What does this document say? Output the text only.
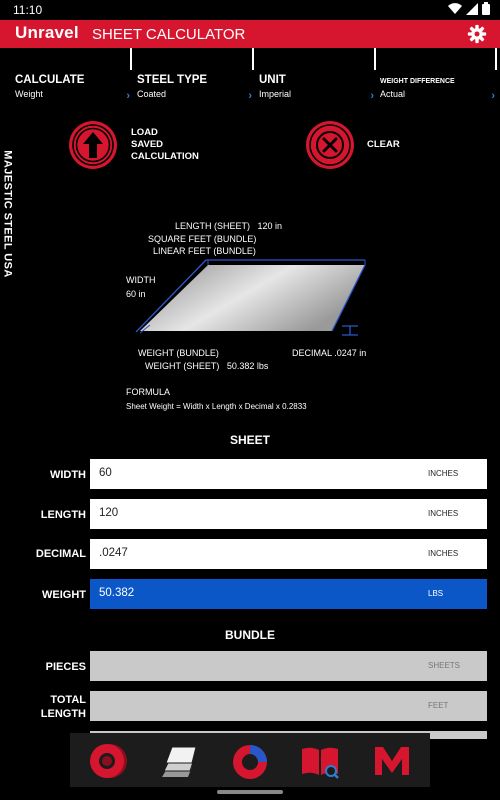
11:10
Unravel SHEET CALCULATOR
CALCULATE
Weight	›
STEEL TYPE
Coated	›
UNIT
Imperial	›
WEIGHT DIFFERENCE
Actual	›
MAJESTIC STEEL USA
LOAD
SAVED
CALCULATION
CLEAR
LENGTH (SHEET) 120 in
SQUARE FEET (BUNDLE)
LINEAR FEET (BUNDLE)
WIDTH
60 in
WEIGHT (BUNDLE)
WEIGHT (SHEET) 50.382 lbs
DECIMAL .0247 in
FORMULA
Sheet Weight = Width x Length x Decimal x 0.2833
SHEET
WIDTH 60	INCHES
LENGTH 120	INCHES
DECIMAL .0247	INCHES
WEIGHT 50.382	LBS
BUNDLE
PIECES	SHEETS
TOTAL
LENGTH
FEET
